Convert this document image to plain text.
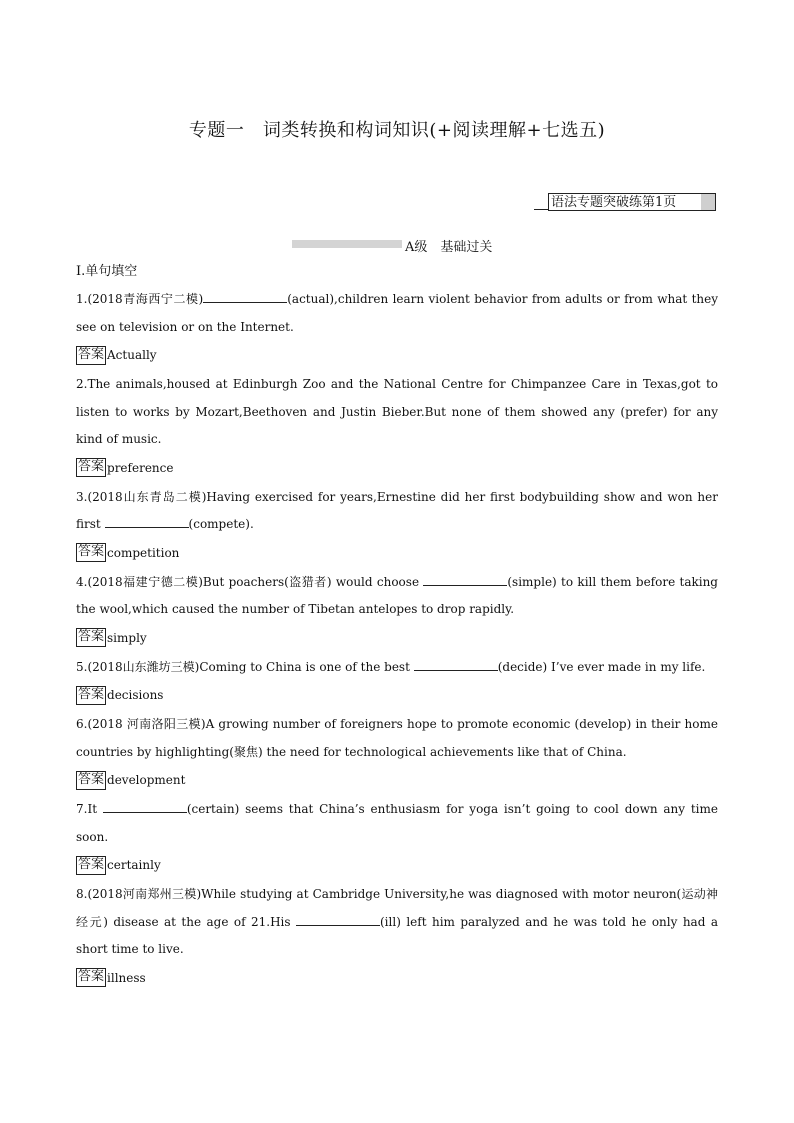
专题一　词类转换和构词知识(+阅读理解+七选五)
语法专题突破练第1页
A级　基础过关

Ⅰ.单句填空

1.(2018青海西宁二模)	(actual),children learn violent behavior from adults or from what they see on television or on the Internet.

答案 Actually

2.The animals,housed at Edinburgh Zoo and the National Centre for Chimpanzee Care in Texas,got to listen to works by Mozart,Beethoven and Justin Bieber.But none of them showed any (prefer) for any kind of music.

答案 preference

3.(2018山东青岛二模)Having exercised for years,Ernestine did her first bodybuilding show and won her first	(compete).

答案 competition

4.(2018福建宁德二模)But poachers(盗猎者) would choose	(simple) to kill them before taking the wool,which caused the number of Tibetan antelopes to drop rapidly.

答案 simply

5.(2018山东潍坊三模)Coming to China is one of the best	(decide) I’ve ever made in my life.

答案 decisions

6.(2018 河南洛阳三模)A growing number of foreigners hope to promote economic (develop) in their home countries by highlighting(聚焦) the need for technological achievements like that of China.

答案 development

7.It	(certain) seems that China’s enthusiasm for yoga isn’t going to cool down any time soon.

答案 certainly

8.(2018河南郑州三模)While studying at Cambridge University,he was diagnosed with motor neuron(运动神经元) disease at the age of 21.His	(ill) left him paralyzed and he was told he only had a short time to live.

答案 illness
